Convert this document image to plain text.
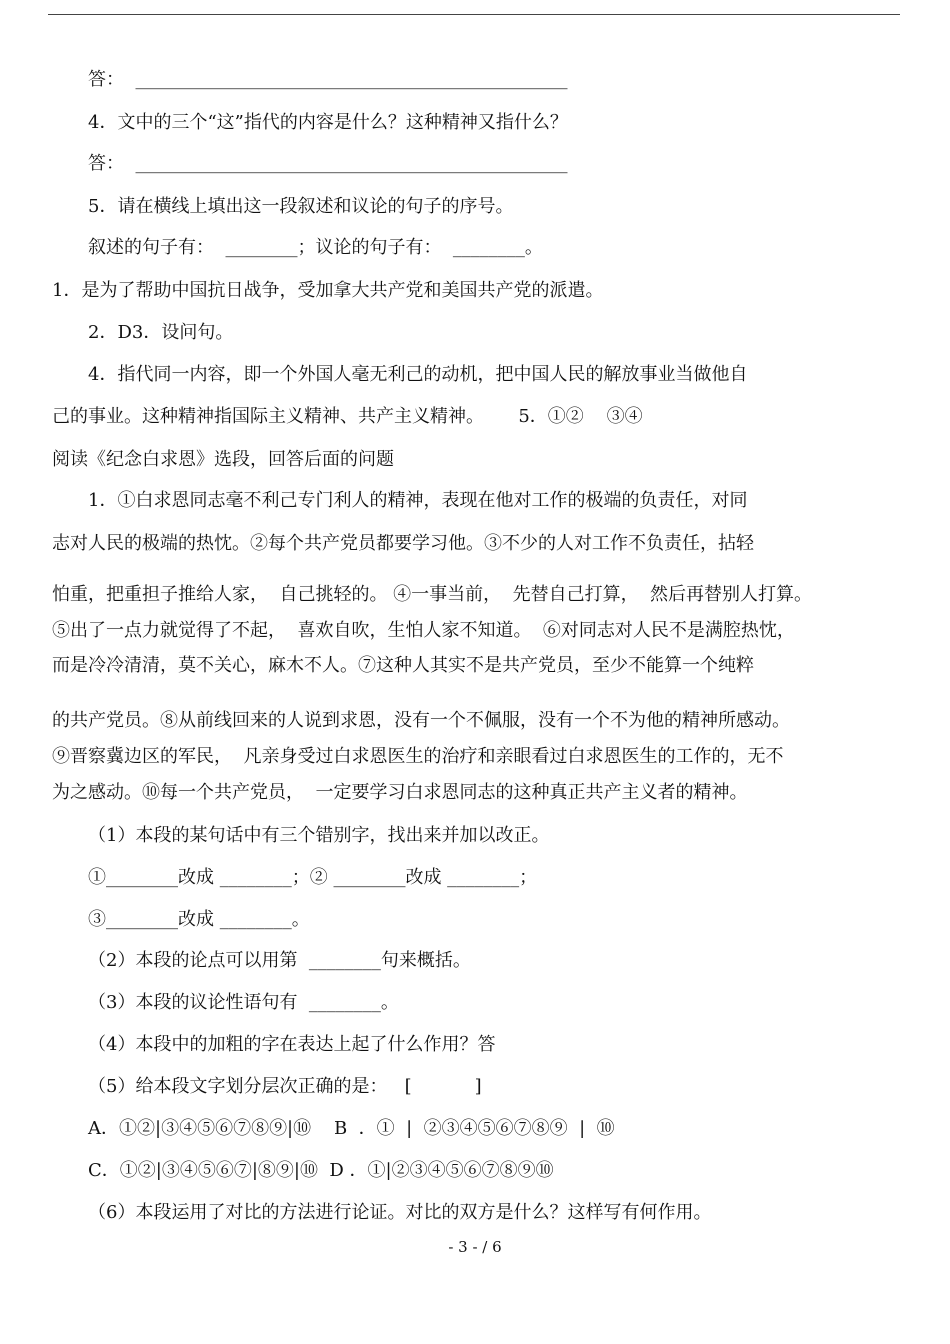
答：  ________________________________________________
4．文中的三个“这”指代的内容是什么？这种精神又指什么？
答：  ________________________________________________
5．请在横线上填出这一段叙述和议论的句子的序号。
叙述的句子有：  ________；议论的句子有：  ________。
1．是为了帮助中国抗日战争，受加拿大共产党和美国共产党的派遣。
2．D3．设问句。
4．指代同一内容，即一个外国人毫无利己的动机，把中国人民的解放事业当做他自
己的事业。这种精神指国际主义精神、共产主义精神。      5．①②    ③④
阅读《纪念白求恩》选段，回答后面的问题
1．①白求恩同志毫不利己专门利人的精神，表现在他对工作的极端的负责任，对同
志对人民的极端的热忱。②每个共产党员都要学习他。③不少的人对工作不负责任，拈轻
怕重，把重担子推给人家，  自己挑轻的。 ④一事当前，  先替自己打算，  然后再替别人打算。
⑤出了一点力就觉得了不起，  喜欢自吹，生怕人家不知道。  ⑥对同志对人民不是满腔热忱，
而是冷冷清清，莫不关心，麻木不人。⑦这种人其实不是共产党员，至少不能算一个纯粹
的共产党员。⑧从前线回来的人说到求恩，没有一个不佩服，没有一个不为他的精神所感动。
⑨晋察冀边区的军民，  凡亲身受过白求恩医生的治疗和亲眼看过白求恩医生的工作的，无不
为之感动。⑩每一个共产党员，  一定要学习白求恩同志的这种真正共产主义者的精神。
（1）本段的某句话中有三个错别字，找出来并加以改正。
①________改成 ________；② ________改成 ________；
③________改成 ________。
（2）本段的论点可以用第  ________句来概括。
（3）本段的议论性语句有  ________。
（4）本段中的加粗的字在表达上起了什么作用？答
（5）给本段文字划分层次正确的是：   [           ]
A．①②|③④⑤⑥⑦⑧⑨|⑩    B  ．①  |  ②③④⑤⑥⑦⑧⑨  |  ⑩
C．①②|③④⑤⑥⑦|⑧⑨|⑩  D ．①|②③④⑤⑥⑦⑧⑨⑩
（6）本段运用了对比的方法进行论证。对比的双方是什么？这样写有何作用。
- 3 - / 6
